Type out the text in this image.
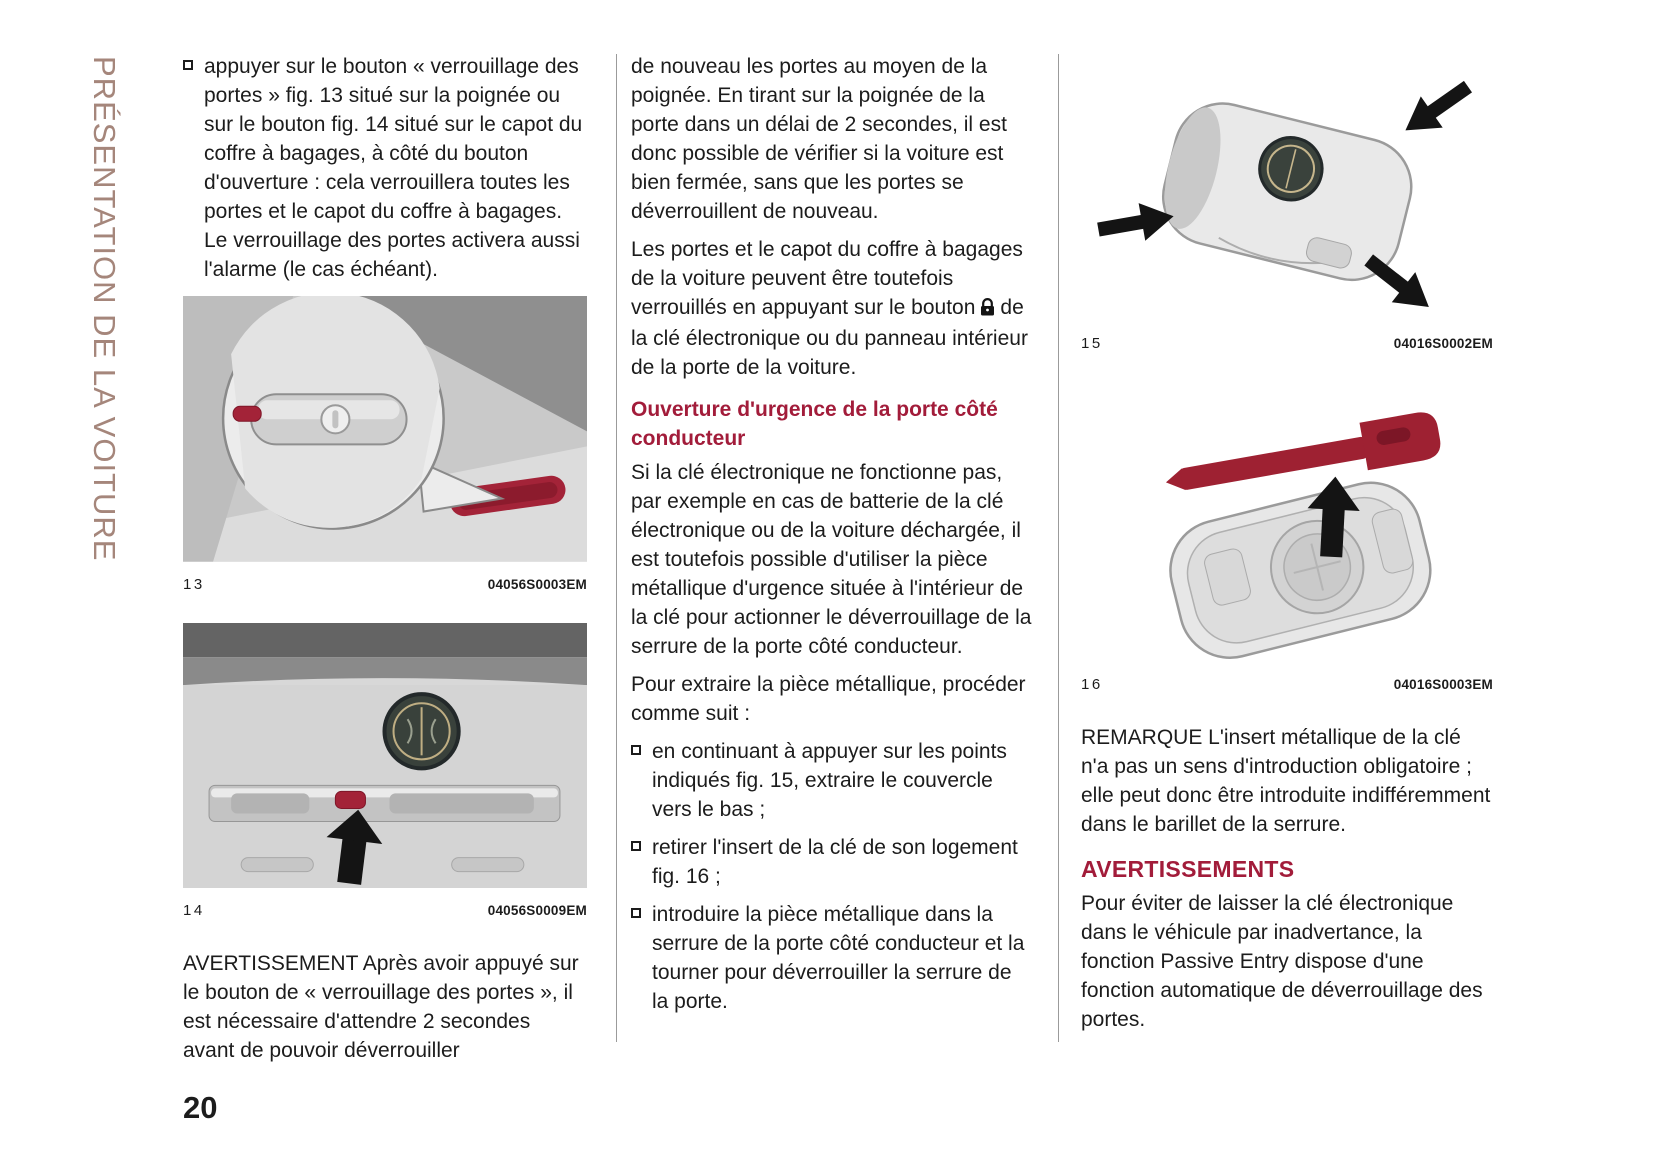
PRÉSENTATION DE LA VOITURE	appuyer sur le bouton « verrouillage des portes » fig. 13 situé sur la poignée ou sur le bouton fig. 14 situé sur le capot du coffre à bagages, à côté du bouton d'ouverture : cela verrouillera toutes les portes et le capot du coffre à bagages. Le verrouillage des portes activera aussi l'alarme (le cas échéant).
13	04056S0003EM
14	04056S0009EM

AVERTISSEMENT Après avoir appuyé sur le bouton de « verrouillage des portes », il est nécessaire d'attendre 2 secondes avant de pouvoir déverrouiller

de nouveau les portes au moyen de la poignée. En tirant sur la poignée de la porte dans un délai de 2 secondes, il est donc possible de vérifier si la voiture est bien fermée, sans que les portes se déverrouillent de nouveau.

Les portes et le capot du coffre à bagages de la voiture peuvent être toutefois verrouillés en appuyant sur le bouton de la clé électronique ou du panneau intérieur de la porte de la voiture.

Ouverture d'urgence de la porte côté conducteur

Si la clé électronique ne fonctionne pas, par exemple en cas de batterie de la clé électronique ou de la voiture déchargée, il est toutefois possible d'utiliser la pièce métallique d'urgence située à l'intérieur de la clé pour actionner le déverrouillage de la serrure de la porte côté conducteur.

Pour extraire la pièce métallique, procéder comme suit :

en continuant à appuyer sur les points indiqués fig. 15, extraire le couvercle vers le bas ;
retirer l'insert de la clé de son logement fig. 16 ;
introduire la pièce métallique dans la serrure de la porte côté conducteur et la tourner pour déverrouiller la serrure de la porte.
15	04016S0002EM
16	04016S0003EM

REMARQUE L'insert métallique de la clé n'a pas un sens d'introduction obligatoire ; elle peut donc être introduite indifféremment dans le barillet de la serrure.

AVERTISSEMENTS

Pour éviter de laisser la clé électronique dans le véhicule par inadvertance, la fonction Passive Entry dispose d'une fonction automatique de déverrouillage des portes.

20
